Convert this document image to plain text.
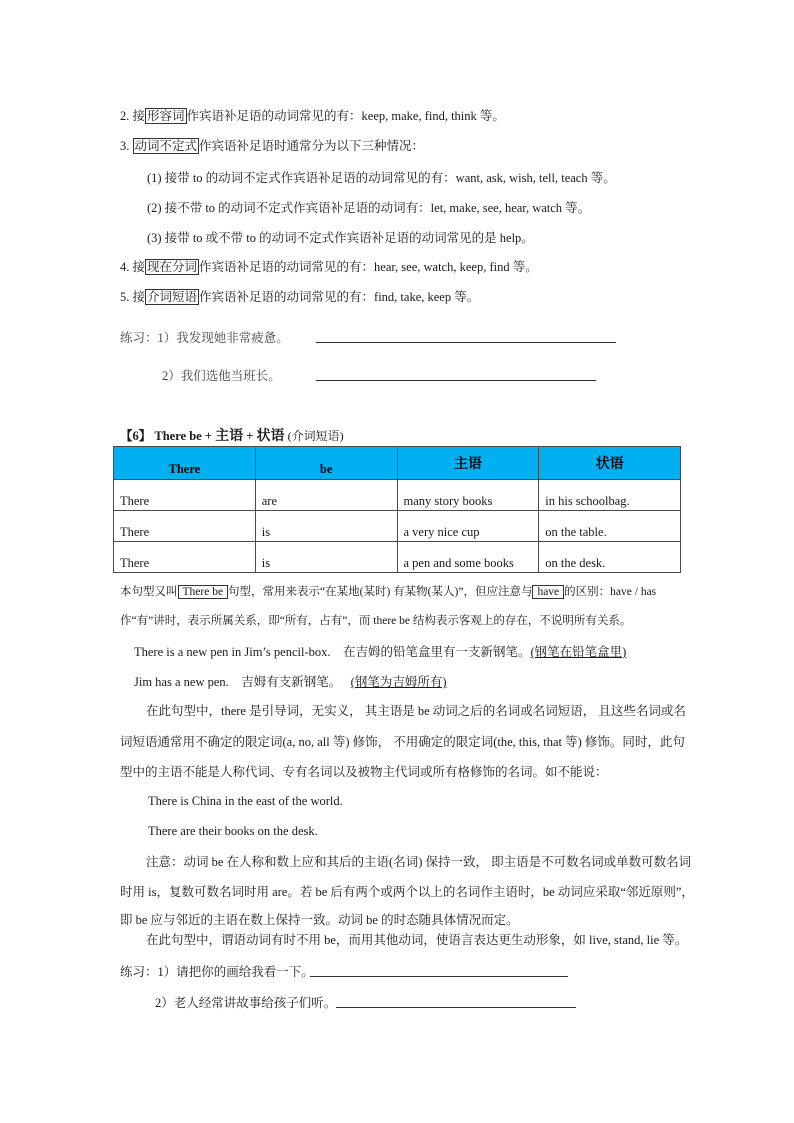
2. 接 形容词 作宾语补足语的动词常见的有：keep, make, find, think 等。
3. 动词不定式 作宾语补足语时通常分为以下三种情况：
(1) 接带 to 的动词不定式作宾语补足语的动词常见的有：want, ask, wish, tell, teach 等。
(2) 接不带 to 的动词不定式作宾语补足语的动词有：let, make, see, hear, watch 等。
(3) 接带 to 或不带 to 的动词不定式作宾语补足语的动词常见的是 help。
4. 接 现在分词 作宾语补足语的动词常见的有：hear, see, watch, keep, find 等。
5. 接 介词短语 作宾语补足语的动词常见的有：find, take, keep 等。
练习：1）我发现她非常疲惫。
2）我们选他当班长。
【6】 There be + 主语 + 状语 (介词短语)
There	be	主语	状语
There	are	many story books	in his schoolbag.
There	is	a very nice cup	on the table.
There	is	a pen and some books	on the desk.
本句型又叫 There be 句型，常用来表示“在某地(某时) 有某物(某人)”，但应注意与 have 的区别：have / has
作“有”讲时，表示所属关系，即“所有，占有”，而 there be 结构表示客观上的存在，不说明所有关系。
There is a new pen in Jim’s pencil-box. 在吉姆的铅笔盒里有一支新钢笔。(钢笔在铅笔盒里)
Jim has a new pen. 吉姆有支新钢笔。 (钢笔为吉姆所有)
在此句型中，there 是引导词，无实义， 其主语是 be 动词之后的名词或名词短语， 且这些名词或名
词短语通常用不确定的限定词(a, no, all 等) 修饰， 不用确定的限定词(the, this, that 等) 修饰。同时，此句
型中的主语不能是人称代词、专有名词以及被物主代词或所有格修饰的名词。如不能说：
There is China in the east of the world.
There are their books on the desk.
注意：动词 be 在人称和数上应和其后的主语(名词) 保持一致， 即主语是不可数名词或单数可数名词
时用 is，复数可数名词时用 are。若 be 后有两个或两个以上的名词作主语时，be 动词应采取“邻近原则”，
即 be 应与邻近的主语在数上保持一致。动词 be 的时态随具体情况而定。
在此句型中，谓语动词有时不用 be，而用其他动词，使语言表达更生动形象，如 live, stand, lie 等。
练习：1）请把你的画给我看一下。
2）老人经常讲故事给孩子们听。
